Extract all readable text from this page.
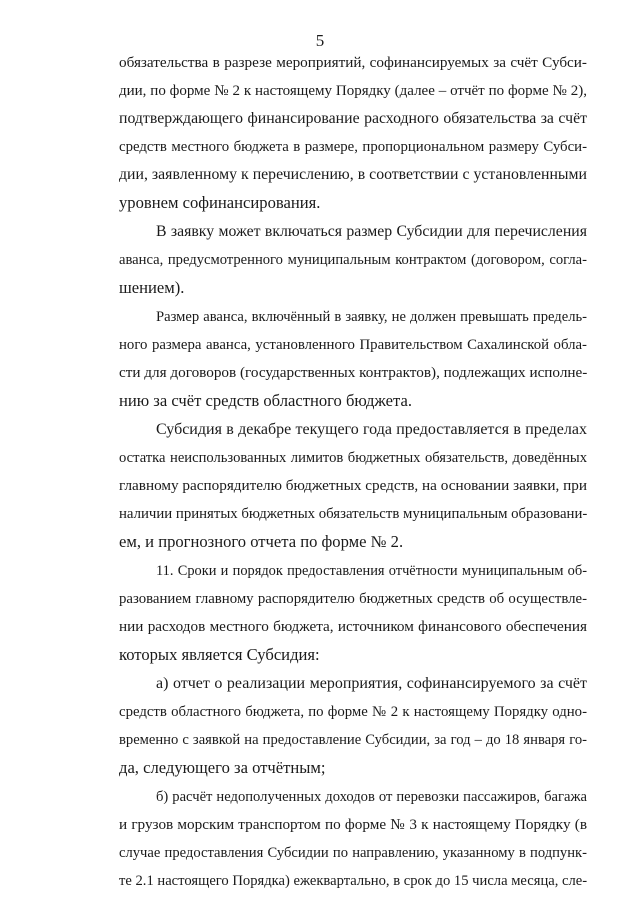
5
обязательства в разрезе мероприятий, софинансируемых за счёт Субси-
дии, по форме № 2 к настоящему Порядку (далее – отчёт по форме № 2),
подтверждающего финансирование расходного обязательства за счёт
средств местного бюджета в размере, пропорциональном размеру Субси-
дии, заявленному к перечислению, в соответствии с установленными
уровнем софинансирования.
В заявку может включаться размер Субсидии для перечисления
аванса, предусмотренного муниципальным контрактом (договором, согла-
шением).
Размер аванса, включённый в заявку, не должен превышать предель-
ного размера аванса, установленного Правительством Сахалинской обла-
сти для договоров (государственных контрактов), подлежащих исполне-
нию за счёт средств областного бюджета.
Субсидия в декабре текущего года предоставляется в пределах
остатка неиспользованных лимитов бюджетных обязательств, доведённых
главному распорядителю бюджетных средств, на основании заявки, при
наличии принятых бюджетных обязательств муниципальным образовани-
ем, и прогнозного отчета по форме № 2.
11. Сроки и порядок предоставления отчётности муниципальным об-
разованием главному распорядителю бюджетных средств об осуществле-
нии расходов местного бюджета, источником финансового обеспечения
которых является Субсидия:
а) отчет о реализации мероприятия, софинансируемого за счёт
средств областного бюджета, по форме № 2 к настоящему Порядку одно-
временно с заявкой на предоставление Субсидии, за год – до 18 января го-
да, следующего за отчётным;
б) расчёт недополученных доходов от перевозки пассажиров, багажа
и грузов морским транспортом по форме № 3 к настоящему Порядку (в
случае предоставления Субсидии по направлению, указанному в подпунк-
те 2.1 настоящего Порядка) ежеквартально, в срок до 15 числа месяца, сле-
